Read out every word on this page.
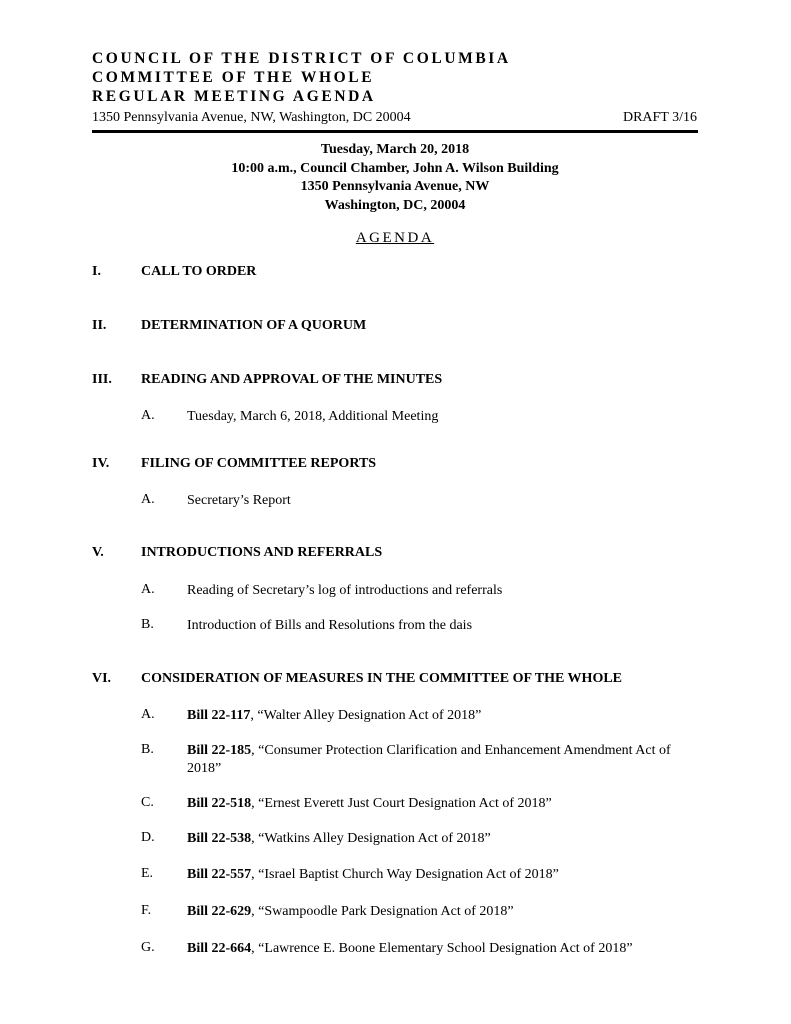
COUNCIL OF THE DISTRICT OF COLUMBIA
COMMITTEE OF THE WHOLE
REGULAR MEETING AGENDA
1350 Pennsylvania Avenue, NW, Washington, DC 20004	DRAFT 3/16
Tuesday, March 20, 2018
10:00 a.m., Council Chamber, John A. Wilson Building
1350 Pennsylvania Avenue, NW
Washington, DC, 20004
AGENDA
I.	CALL TO ORDER
II. DETERMINATION OF A QUORUM
III. READING AND APPROVAL OF THE MINUTES
A. Tuesday, March 6, 2018, Additional Meeting
IV. FILING OF COMMITTEE REPORTS
A. Secretary’s Report
V.	INTRODUCTIONS AND REFERRALS
A. Reading of Secretary’s log of introductions and referrals
B. Introduction of Bills and Resolutions from the dais
VI. CONSIDERATION OF MEASURES IN THE COMMITTEE OF THE WHOLE
A. Bill 22-117, “Walter Alley Designation Act of 2018”
B. Bill 22-185, “Consumer Protection Clarification and Enhancement Amendment Act of 2018”
C. Bill 22-518, “Ernest Everett Just Court Designation Act of 2018”
D. Bill 22-538, “Watkins Alley Designation Act of 2018”
E. Bill 22-557, “Israel Baptist Church Way Designation Act of 2018”
F.	Bill 22-629, “Swampoodle Park Designation Act of 2018”
G. Bill 22-664, “Lawrence E. Boone Elementary School Designation Act of 2018”
